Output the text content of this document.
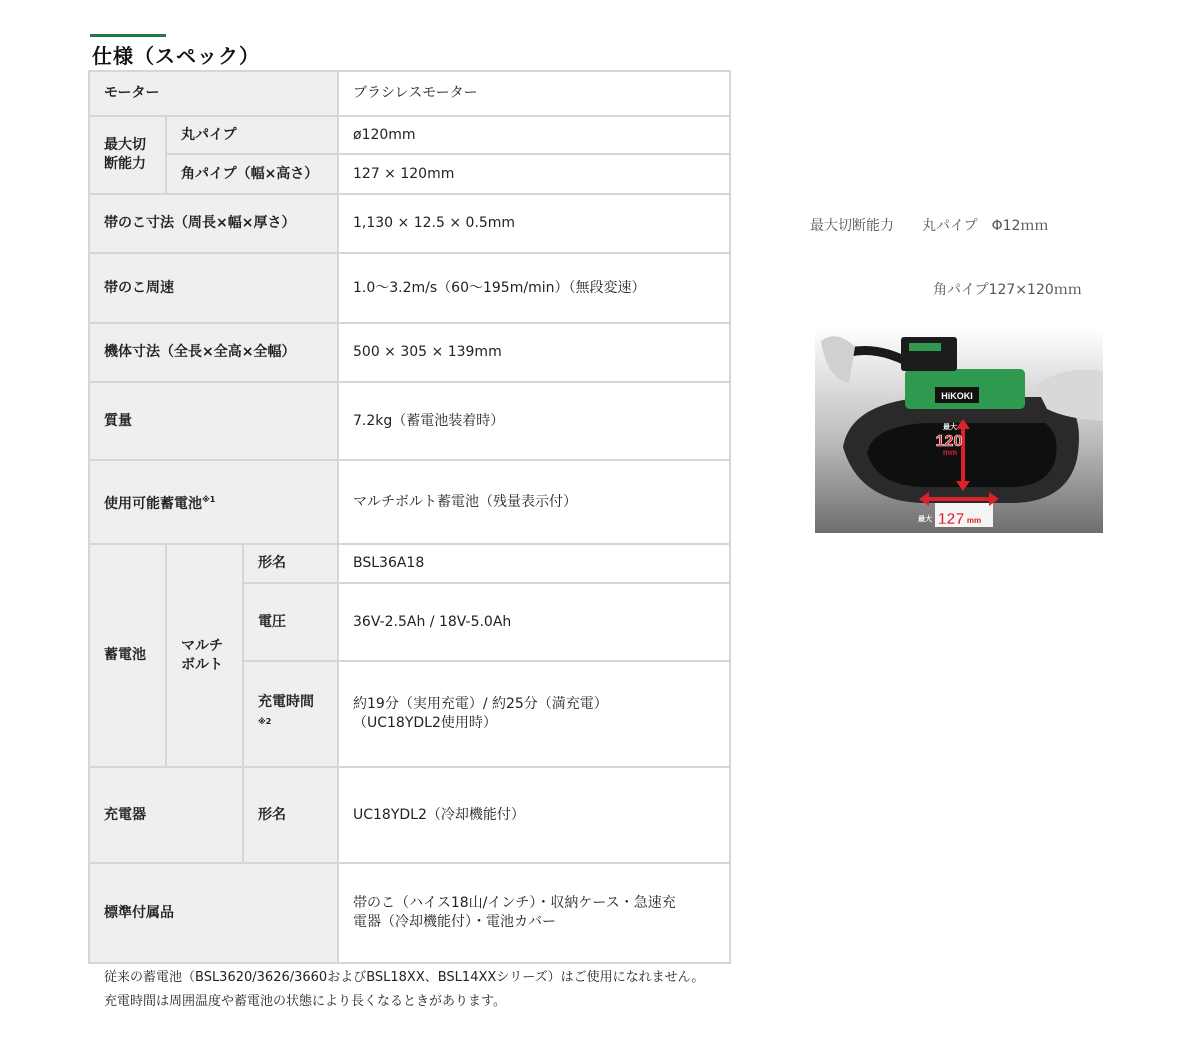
仕様（スペック）
モーター			ブラシレスモーター
最大切断能力	丸パイプ		ø120mm
	角パイプ（幅×高さ）		127 × 120mm
帯のこ寸法（周長×幅×厚さ）			1,130 × 12.5 × 0.5mm
帯のこ周速			1.0〜3.2m/s（60〜195m/min）（無段変速）
機体寸法（全長×全高×全幅）			500 × 305 × 139mm
質量			7.2kg（蓄電池装着時）
使用可能蓄電池$^{※1}$			マルチボルト蓄電池（残量表示付）
蓄電池	マルチボルト	形名	BSL36A18
		電圧	36V-2.5Ah / 18V-5.0Ah
		充電時間$^{※2}$	約19分（実用充電）/ 約25分（満充電）
（UC18YDL2使用時）

充電器		形名	UC18YDL2（冷却機能付）
標準付属品			帯のこ（ハイス18山/インチ）・収納ケース・急速充
電器（冷却機能付）・電池カバー
従来の蓄電池（BSL3620/3626/3660およびBSL18XX、BSL14XXシリーズ）はご使用になれません。
充電時間は周囲温度や蓄電池の状態により長くなるときがあります。
最大切断能力　　丸パイプ　Φ12ｍｍ
角パイプ127×120ｍｍ
HiKOKI
最大
120
mm
最大 127 mm
